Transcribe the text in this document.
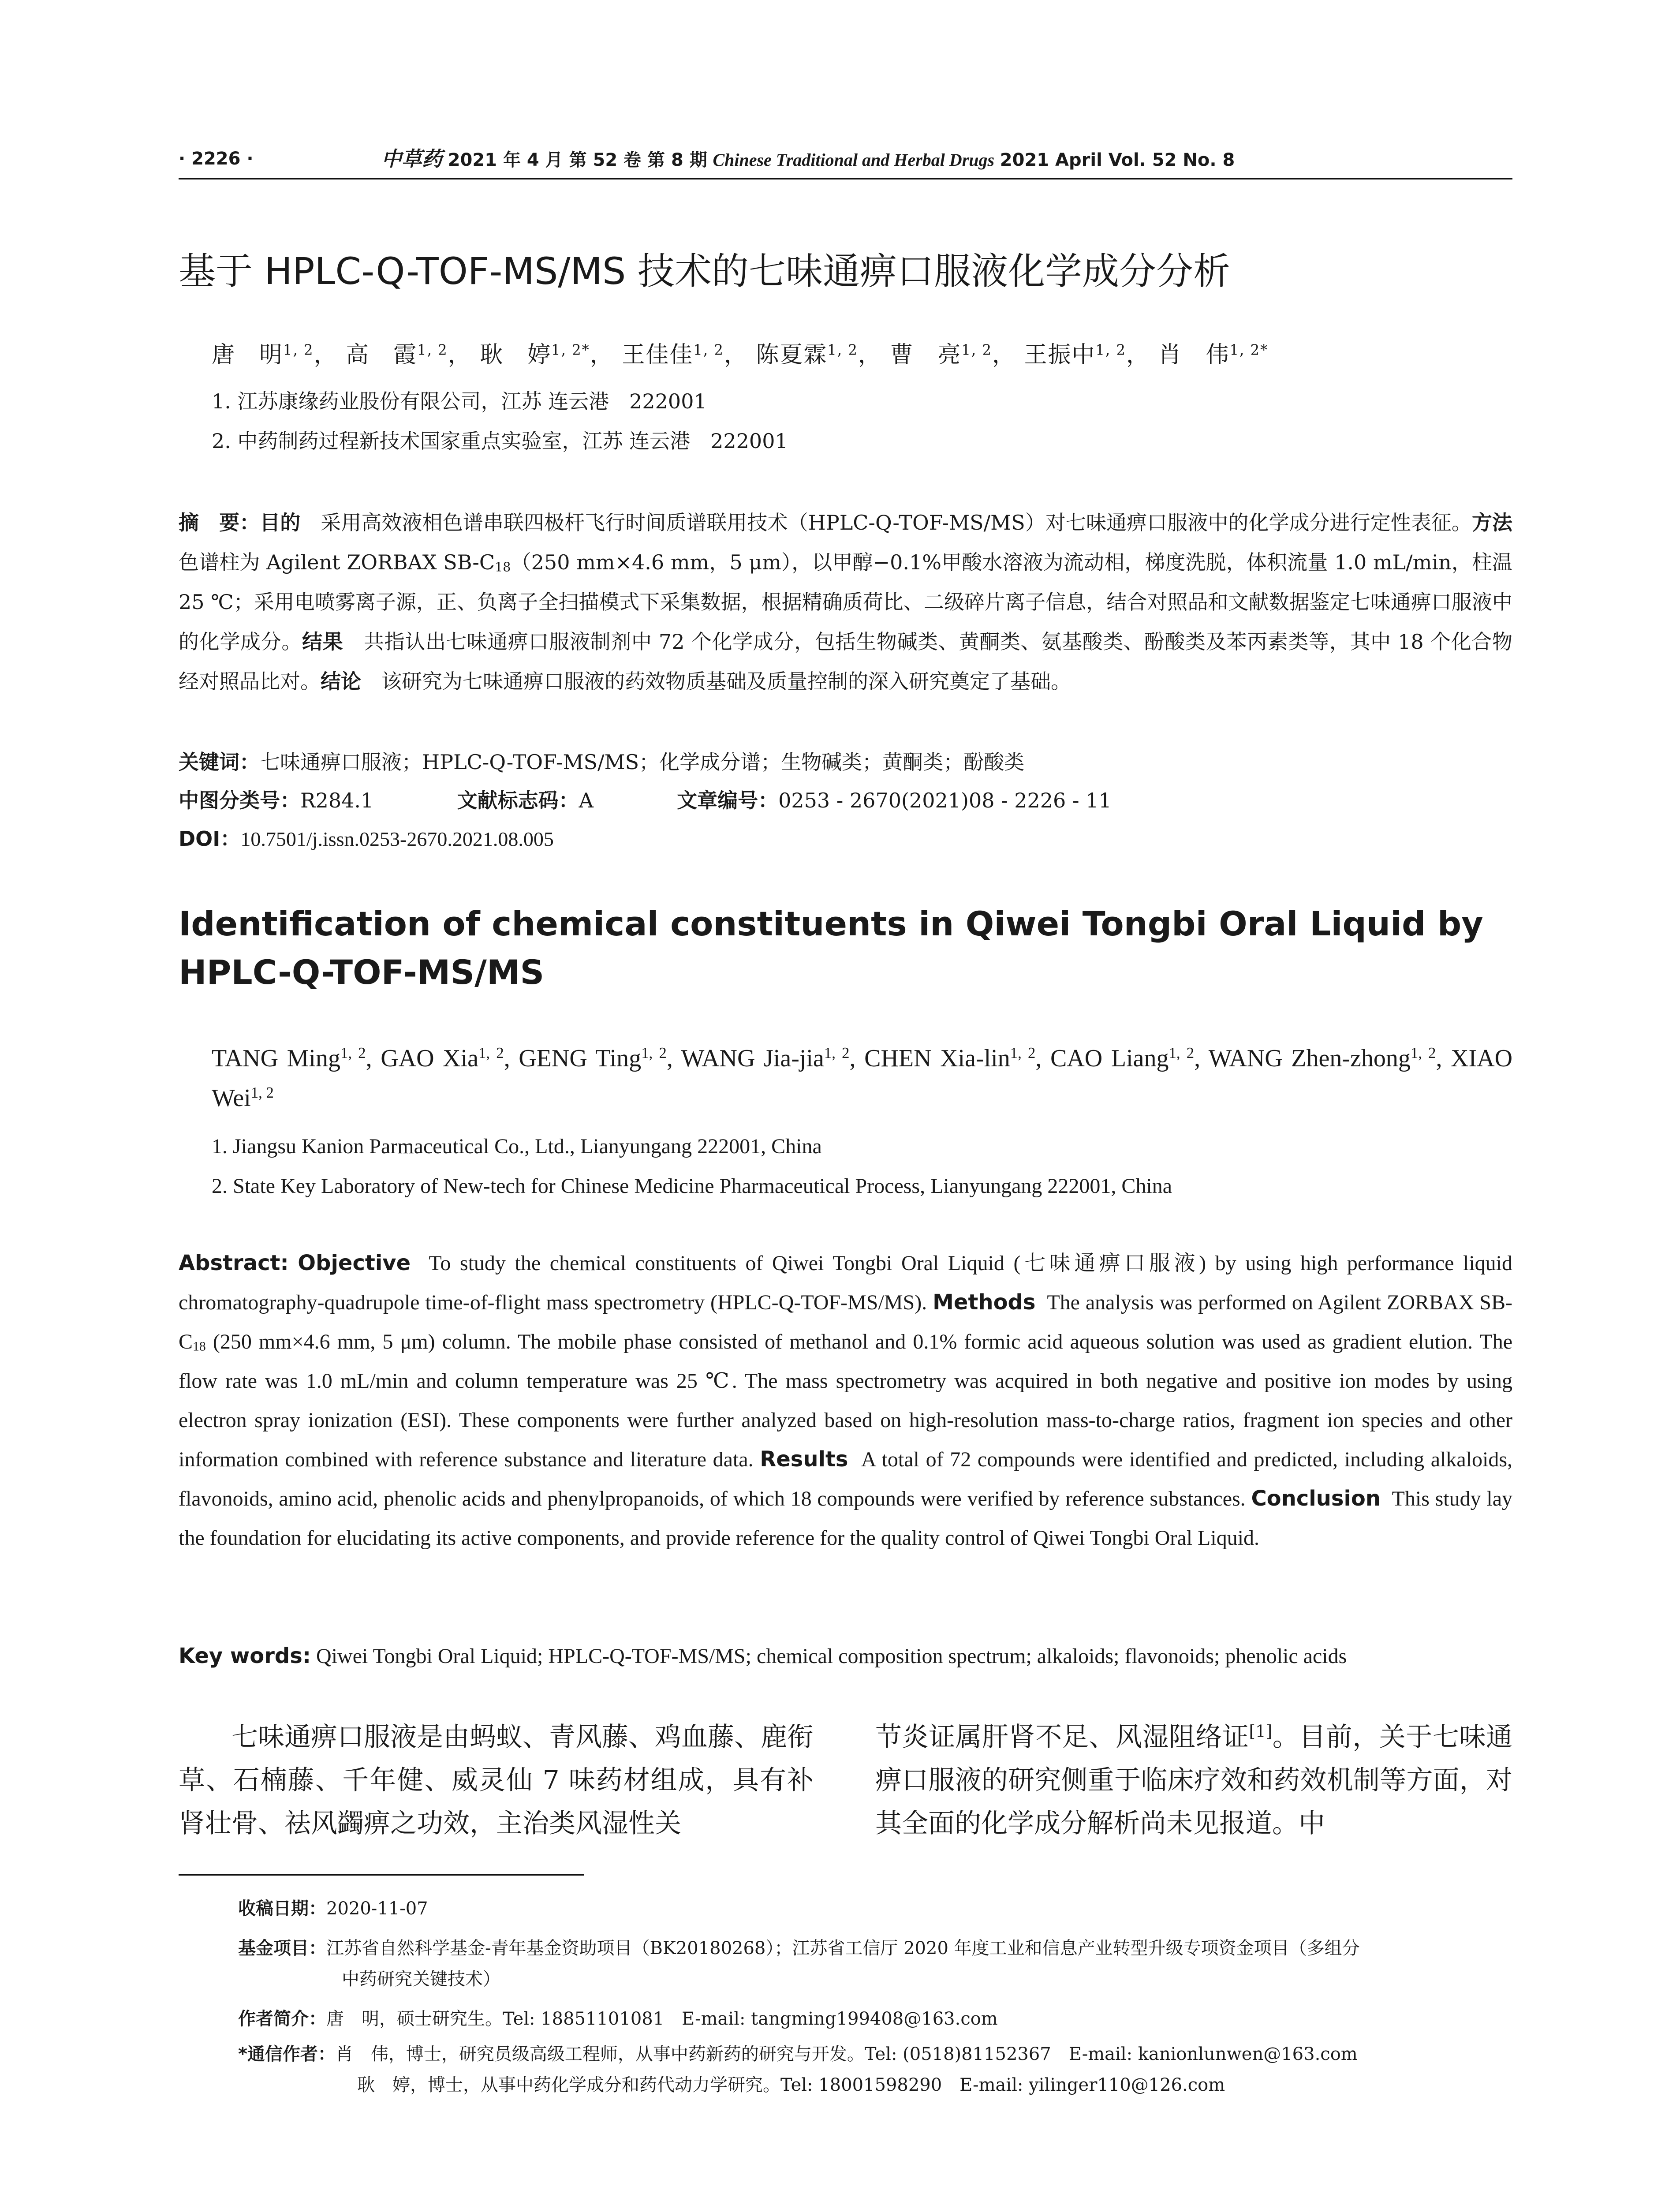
· 2226 ·	中草药 2021 年 4 月 第 52 卷 第 8 期 Chinese Traditional and Herbal Drugs 2021 April Vol. 52 No. 8
基于 HPLC-Q-TOF-MS/MS 技术的七味通痹口服液化学成分分析
唐　明$^{1, 2}$， 高　霞$^{1, 2}$， 耿　婷$^{1, 2*}$， 王佳佳$^{1, 2}$， 陈夏霖$^{1, 2}$， 曹　亮$^{1, 2}$， 王振中$^{1, 2}$， 肖　伟$^{1, 2*}$
1. 江苏康缘药业股份有限公司，江苏 连云港　222001
2. 中药制药过程新技术国家重点实验室，江苏 连云港　222001
摘　要：目的　 采用高效液相色谱串联四极杆飞行时间质谱联用技术（HPLC-Q-TOF-MS/MS）对七味通痹口服液中的化学成分进行定性表征。方法　色谱柱为 Agilent ZORBAX $SB-C_{18}(250$ mm×4.6 mm，5 μm），以甲醇−0.1%甲酸水溶液为流动相，梯度洗脱，体积流量 1.0 mL/min，柱温 25 ℃；采用电喷雾离子源，正、负离子全扫描模式下采集数据，根据精确质荷比、二级碎片离子信息，结合对照品和文献数据鉴定七味通痹口服液中的化学成分。结果　 共指认出七味通痹口服液制剂中 72 个化学成分，包括生物碱类、黄酮类、氨基酸类、酚酸类及苯丙素类等，其中 18 个化合物经对照品比对。结论　 该研究为七味通痹口服液的药效物质基础及质量控制的深入研究奠定了基础。
关键词：七味通痹口服液；HPLC-Q-TOF-MS/MS；化学成分谱；生物碱类；黄酮类；酚酸类
中图分类号：R284.1	文献标志码：A	文章编号：0253 - 2670(2021)08 - 2226 - 11
DOI：10.7501/j.issn.0253-2670.2021.08.005
Identification of chemical constituents in Qiwei Tongbi Oral Liquid by HPLC-Q-TOF-MS/MS
TANG Ming$^{1, 2}$, GAO Xia$^{1, 2}$, GENG Ting$^{1, 2}$, WANG Jia-jia$^{1, 2}$, CHEN Xia-lin$^{1, 2}$, CAO Liang$^{1, 2}$, WANG Zhen-zhong$^{1, 2}$, XIAO Wei$^{1, 2}$
1. Jiangsu Kanion Parmaceutical Co., Ltd., Lianyungang 222001, China
2. State Key Laboratory of New-tech for Chinese Medicine Pharmaceutical Process, Lianyungang 222001, China
Abstract: Objective To study the chemical constituents of Qiwei Tongbi Oral Liquid (七味通痹口服液) by using high performance liquid chromatography-quadrupole time-of-flight mass spectrometry (HPLC-Q-TOF-MS/MS). Methods The analysis was performed on Agilent ZORBAX $SB-C_{18}$ (250 mm×4.6 mm, 5 μm) column. The mobile phase consisted of methanol and 0.1% formic acid aqueous solution was used as gradient elution. The flow rate was 1.0 mL/min and column temperature was 25 ℃. The mass spectrometry was acquired in both negative and positive ion modes by using electron spray ionization (ESI). These components were further analyzed based on high-resolution mass-to-charge ratios, fragment ion species and other information combined with reference substance and literature data. Results A total of 72 compounds were identified and predicted, including alkaloids, flavonoids, amino acid, phenolic acids and phenylpropanoids, of which 18 compounds were verified by reference substances. Conclusion This study lay the foundation for elucidating its active components, and provide reference for the quality control of Qiwei Tongbi Oral Liquid.
Key words: Qiwei Tongbi Oral Liquid; HPLC-Q-TOF-MS/MS; chemical composition spectrum; alkaloids; flavonoids; phenolic acids
七味通痹口服液是由蚂蚁、青风藤、鸡血藤、鹿衔草、石楠藤、千年健、威灵仙 7 味药材组成，具有补肾壮骨、祛风蠲痹之功效，主治类风湿性关
节炎证属肝肾不足、风湿阻络证[1]。目前，关于七味通痹口服液的研究侧重于临床疗效和药效机制等方面，对其全面的化学成分解析尚未见报道。中
收稿日期：2020-11-07
基金项目：江苏省自然科学基金-青年基金资助项目（BK20180268）；江苏省工信厅 2020 年度工业和信息产业转型升级专项资金项目（多组分
中药研究关键技术）
作者简介：唐　明，硕士研究生。Tel: 18851101081　E-mail: tangming199408@163.com
*通信作者：肖　伟，博士，研究员级高级工程师，从事中药新药的研究与开发。Tel: (0518)81152367　E-mail: kanionlunwen@163.com
耿　婷，博士，从事中药化学成分和药代动力学研究。Tel: 18001598290　E-mail: yilinger110@126.com
